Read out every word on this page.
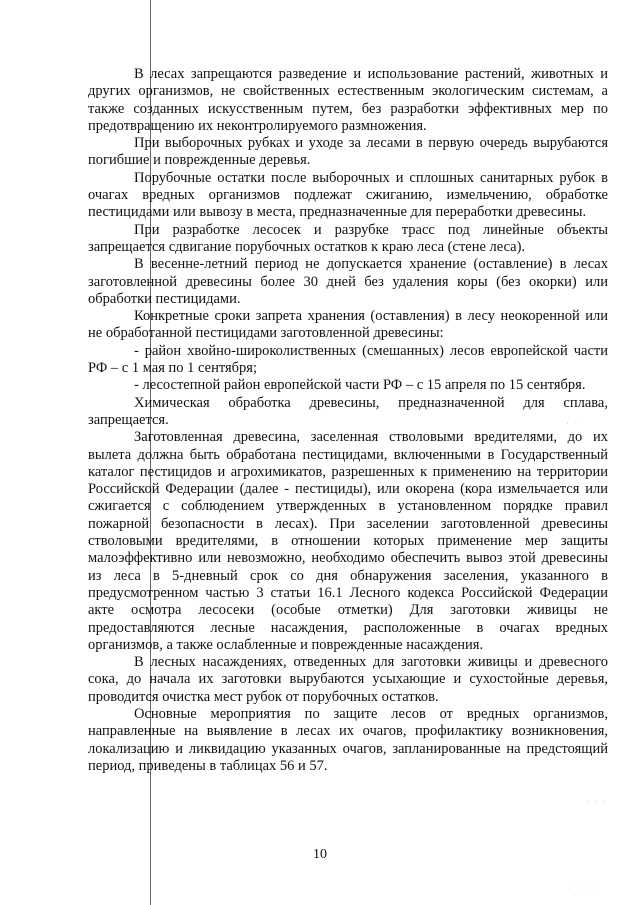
В лесах запрещаются разведение и использование растений, животных и других организмов, не свойственных естественным экологическим системам, а также созданных искусственным путем, без разработки эффективных мер по предотвращению их неконтролируемого размножения.

При выборочных рубках и уходе за лесами в первую очередь вырубаются погибшие и поврежденные деревья.

Порубочные остатки после выборочных и сплошных санитарных рубок в очагах вредных организмов подлежат сжиганию, измельчению, обработке пестицидами или вывозу в места, предназначенные для переработки древесины.

При разработке лесосек и разрубке трасс под линейные объекты запрещается сдвигание порубочных остатков к краю леса (стене леса).

В весенне-летний период не допускается хранение (оставление) в лесах заготовленной древесины более 30 дней без удаления коры (без окорки) или обработки пестицидами.

Конкретные сроки запрета хранения (оставления) в лесу неокоренной или не обработанной пестицидами заготовленной древесины:

- район хвойно-широколиственных (смешанных) лесов европейской части РФ – с 1 мая по 1 сентября;

- лесостепной район европейской части РФ – с 15 апреля по 15 сентября.

Химическая обработка древесины, предназначенной для сплава, запрещается.

Заготовленная древесина, заселенная стволовыми вредителями, до их вылета должна быть обработана пестицидами, включенными в Государственный каталог пестицидов и агрохимикатов, разрешенных к применению на территории Российской Федерации (далее - пестициды), или окорена (кора измельчается или сжигается с соблюдением утвержденных в установленном порядке правил пожарной безопасности в лесах). При заселении заготовленной древесины стволовыми вредителями, в отношении которых применение мер защиты малоэффективно или невозможно, необходимо обеспечить вывоз этой древесины из леса в 5-дневный срок со дня обнаружения заселения, указанного в предусмотренном частью 3 статьи 16.1 Лесного кодекса Российской Федерации акте осмотра лесосеки (особые отметки) Для заготовки живицы не предоставляются лесные насаждения, расположенные в очагах вредных организмов, а также ослабленные и поврежденные насаждения.

В лесных насаждениях, отведенных для заготовки живицы и древесного сока, до начала их заготовки вырубаются усыхающие и сухостойные деревья, проводится очистка мест рубок от порубочных остатков.

Основные мероприятия по защите лесов от вредных организмов, направленные на выявление в лесах их очагов, профилактику возникновения, локализацию и ликвидацию указанных очагов, запланированные на предстоящий период, приведены в таблицах 56 и 57.

10
· ·
· · ·
· · · ·
